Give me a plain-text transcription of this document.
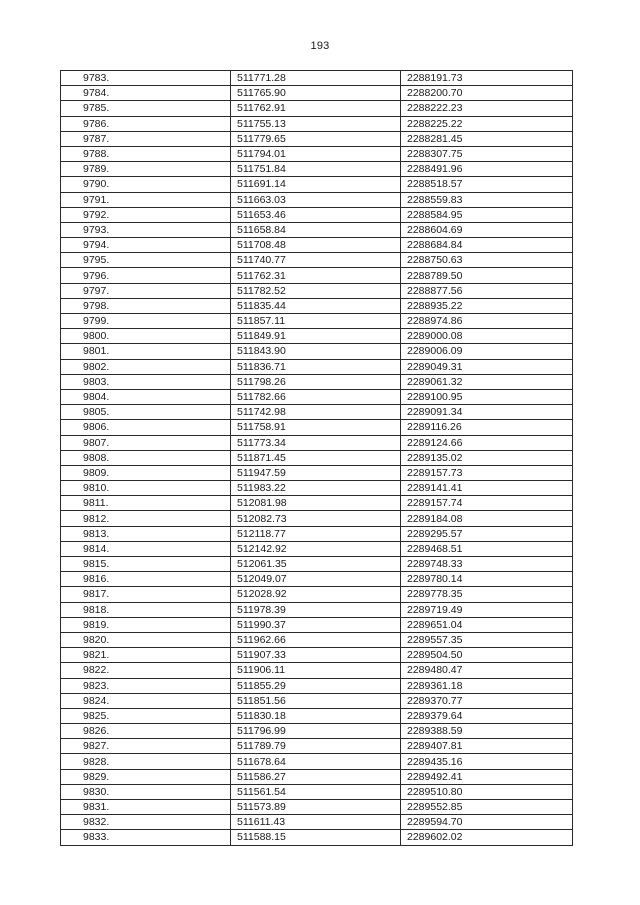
193
9783.	511771.28	2288191.73
9784.	511765.90	2288200.70
9785.	511762.91	2288222.23
9786.	511755.13	2288225.22
9787.	511779.65	2288281.45
9788.	511794.01	2288307.75
9789.	511751.84	2288491.96
9790.	511691.14	2288518.57
9791.	511663.03	2288559.83
9792.	511653.46	2288584.95
9793.	511658.84	2288604.69
9794.	511708.48	2288684.84
9795.	511740.77	2288750.63
9796.	511762.31	2288789.50
9797.	511782.52	2288877.56
9798.	511835.44	2288935.22
9799.	511857.11	2288974.86
9800.	511849.91	2289000.08
9801.	511843.90	2289006.09
9802.	511836.71	2289049.31
9803.	511798.26	2289061.32
9804.	511782.66	2289100.95
9805.	511742.98	2289091.34
9806.	511758.91	2289116.26
9807.	511773.34	2289124.66
9808.	511871.45	2289135.02
9809.	511947.59	2289157.73
9810.	511983.22	2289141.41
9811.	512081.98	2289157.74
9812.	512082.73	2289184.08
9813.	512118.77	2289295.57
9814.	512142.92	2289468.51
9815.	512061.35	2289748.33
9816.	512049.07	2289780.14
9817.	512028.92	2289778.35
9818.	511978.39	2289719.49
9819.	511990.37	2289651.04
9820.	511962.66	2289557.35
9821.	511907.33	2289504.50
9822.	511906.11	2289480.47
9823.	511855.29	2289361.18
9824.	511851.56	2289370.77
9825.	511830.18	2289379.64
9826.	511796.99	2289388.59
9827.	511789.79	2289407.81
9828.	511678.64	2289435.16
9829.	511586.27	2289492.41
9830.	511561.54	2289510.80
9831.	511573.89	2289552.85
9832.	511611.43	2289594.70
9833.	511588.15	2289602.02
